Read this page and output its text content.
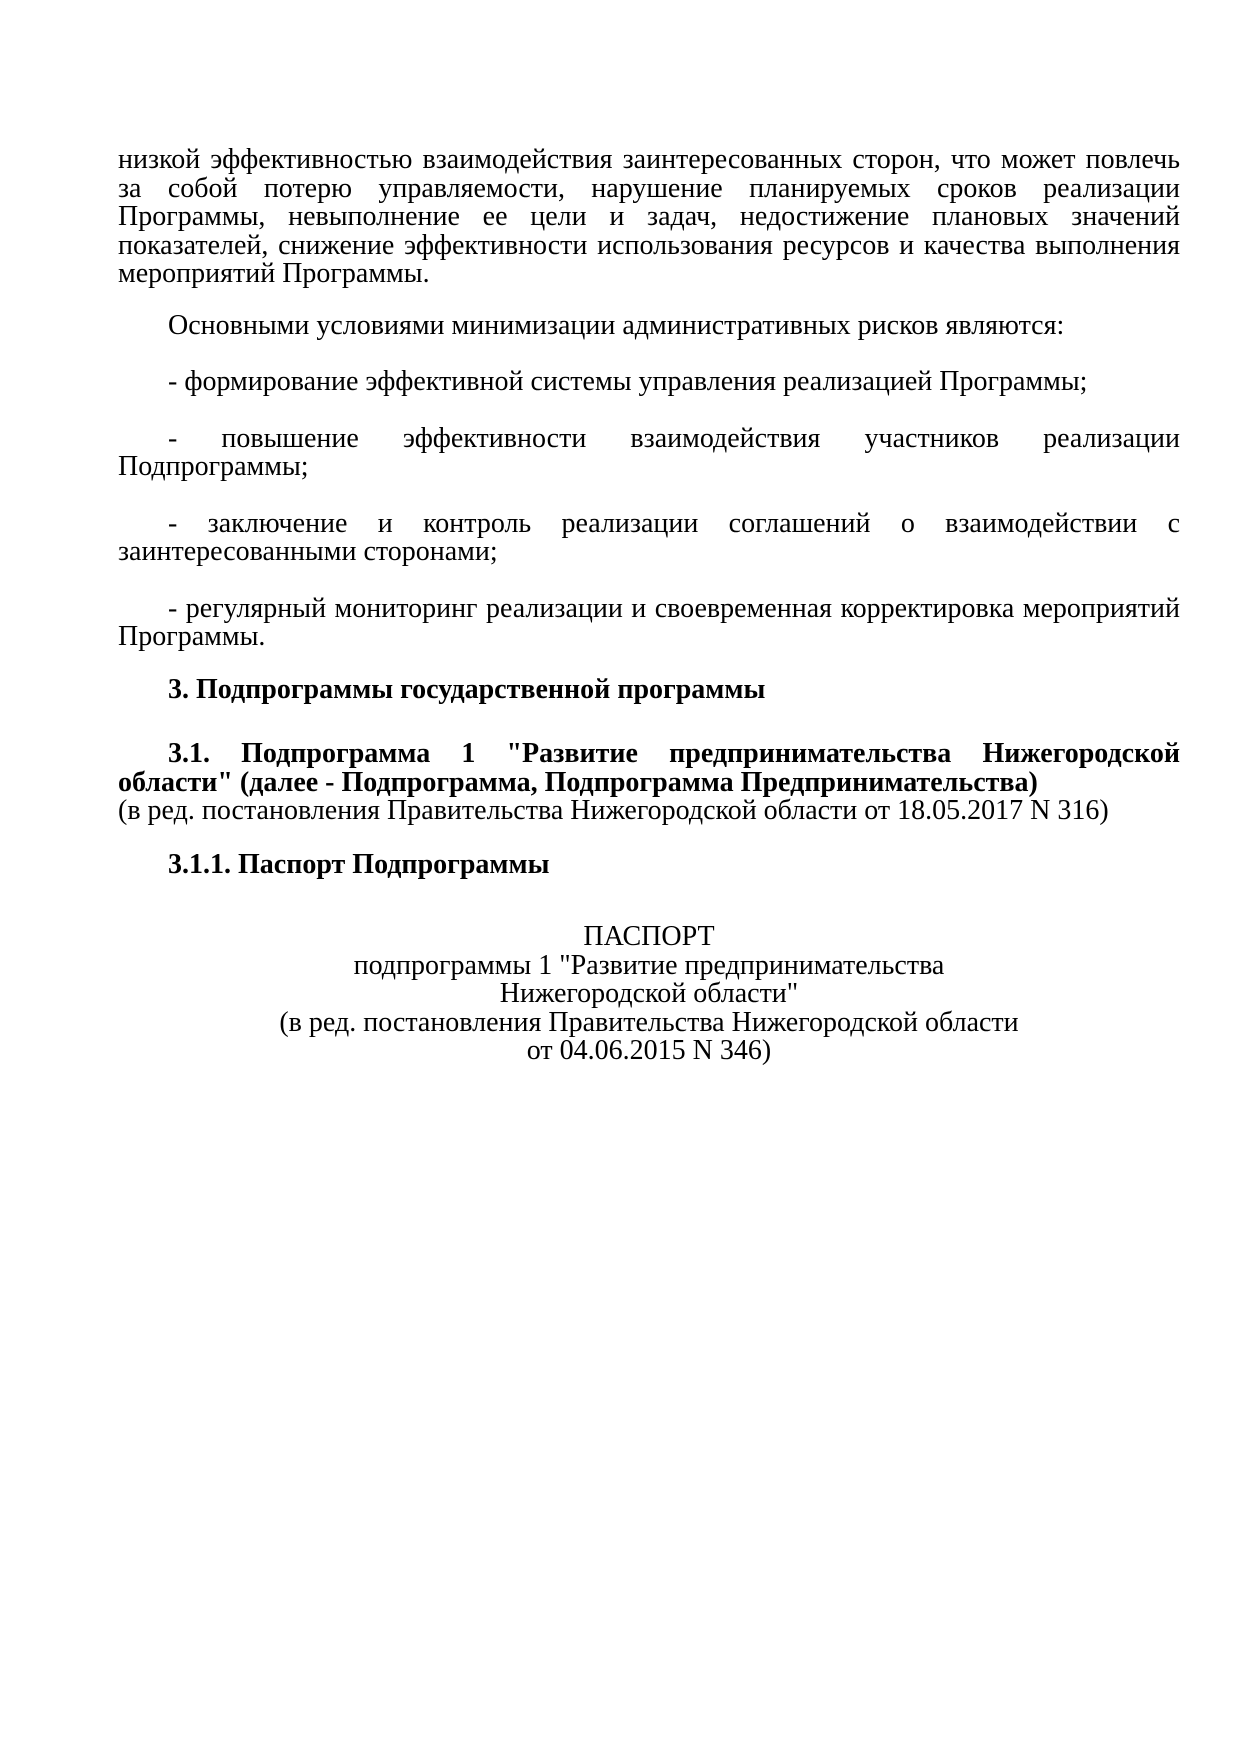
низкой эффективностью взаимодействия заинтересованных сторон, что может повлечь за собой потерю управляемости, нарушение планируемых сроков реализации Программы, невыполнение ее цели и задач, недостижение плановых значений показателей, снижение эффективности использования ресурсов и качества выполнения мероприятий Программы.

Основными условиями минимизации административных рисков являются:

- формирование эффективной системы управления реализацией Программы;

- повышение эффективности взаимодействия участников реализации Подпрограммы;

- заключение и контроль реализации соглашений о взаимодействии с заинтересованными сторонами;

- регулярный мониторинг реализации и своевременная корректировка мероприятий Программы.

3. Подпрограммы государственной программы

3.1. Подпрограмма 1 "Развитие предпринимательства Нижегородской области" (далее - Подпрограмма, Подпрограмма Предпринимательства)

(в ред. постановления Правительства Нижегородской области от 18.05.2017 N 316)

3.1.1. Паспорт Подпрограммы

ПАСПОРТ

подпрограммы 1 "Развитие предпринимательства

Нижегородской области"

(в ред. постановления Правительства Нижегородской области

от 04.06.2015 N 346)
